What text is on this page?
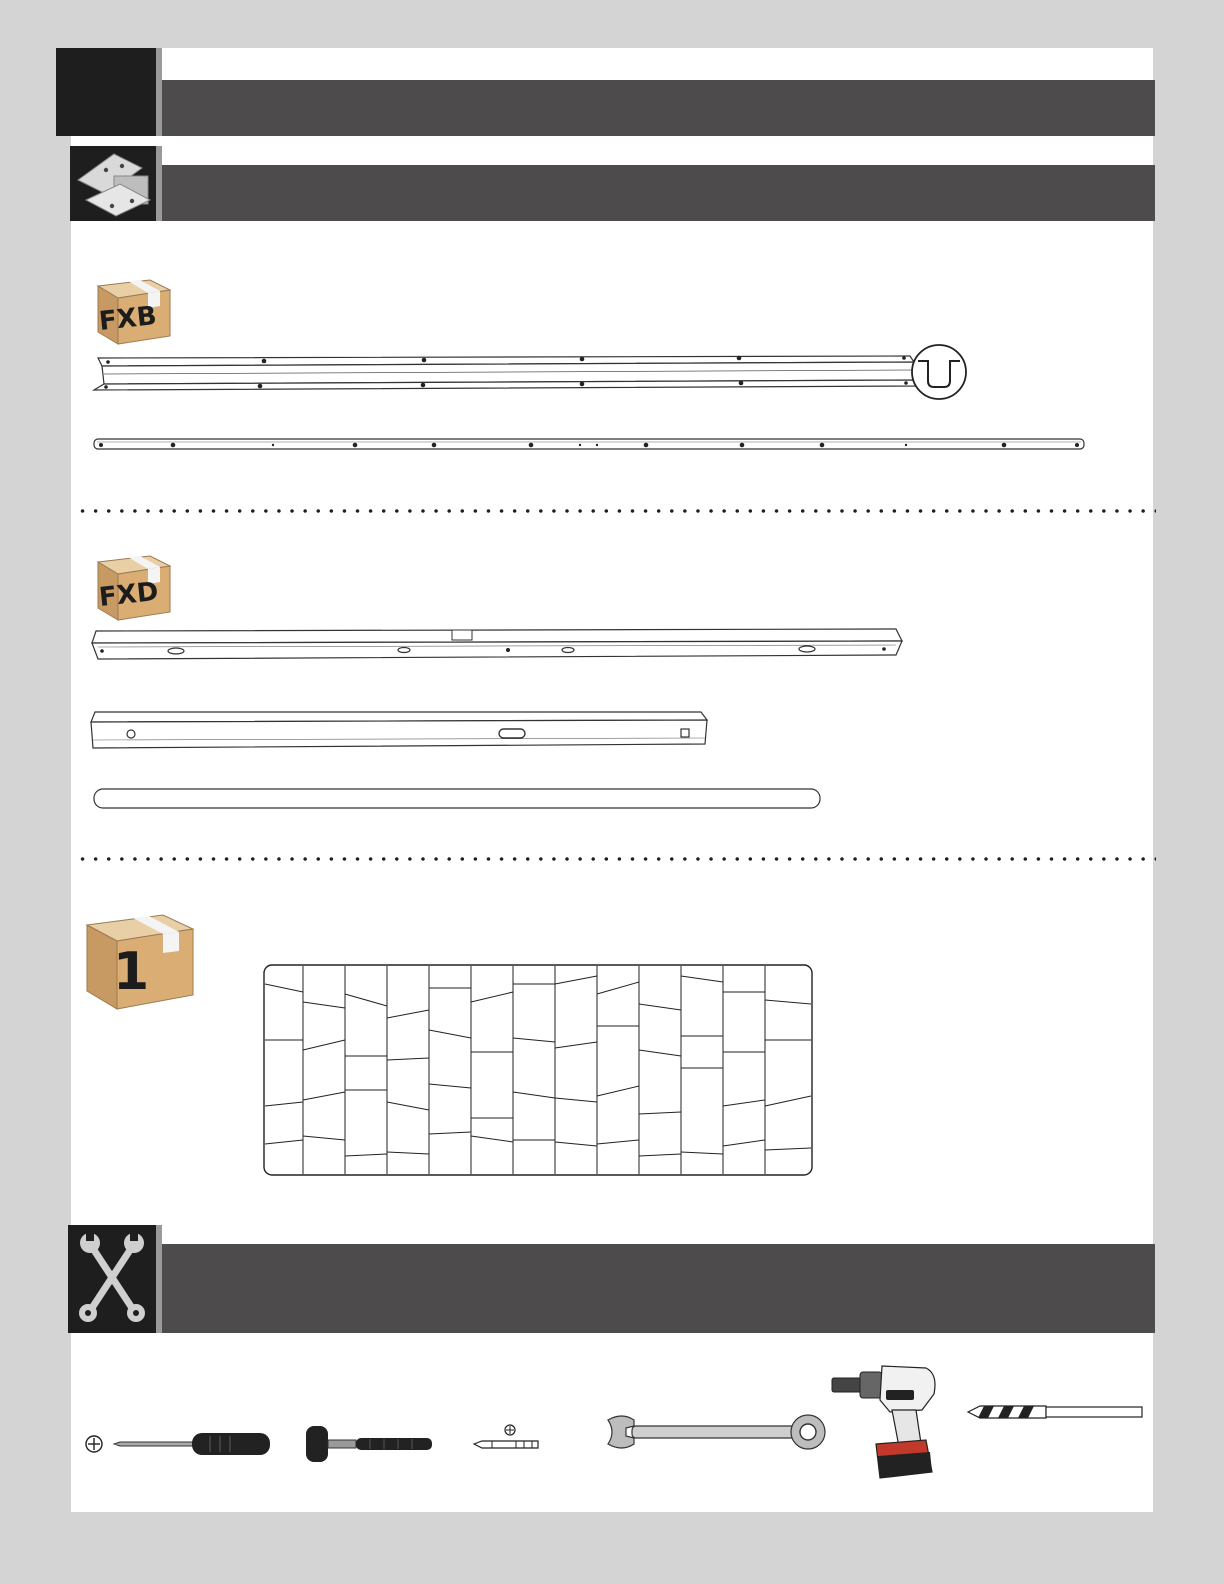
FXB
FXD
1
